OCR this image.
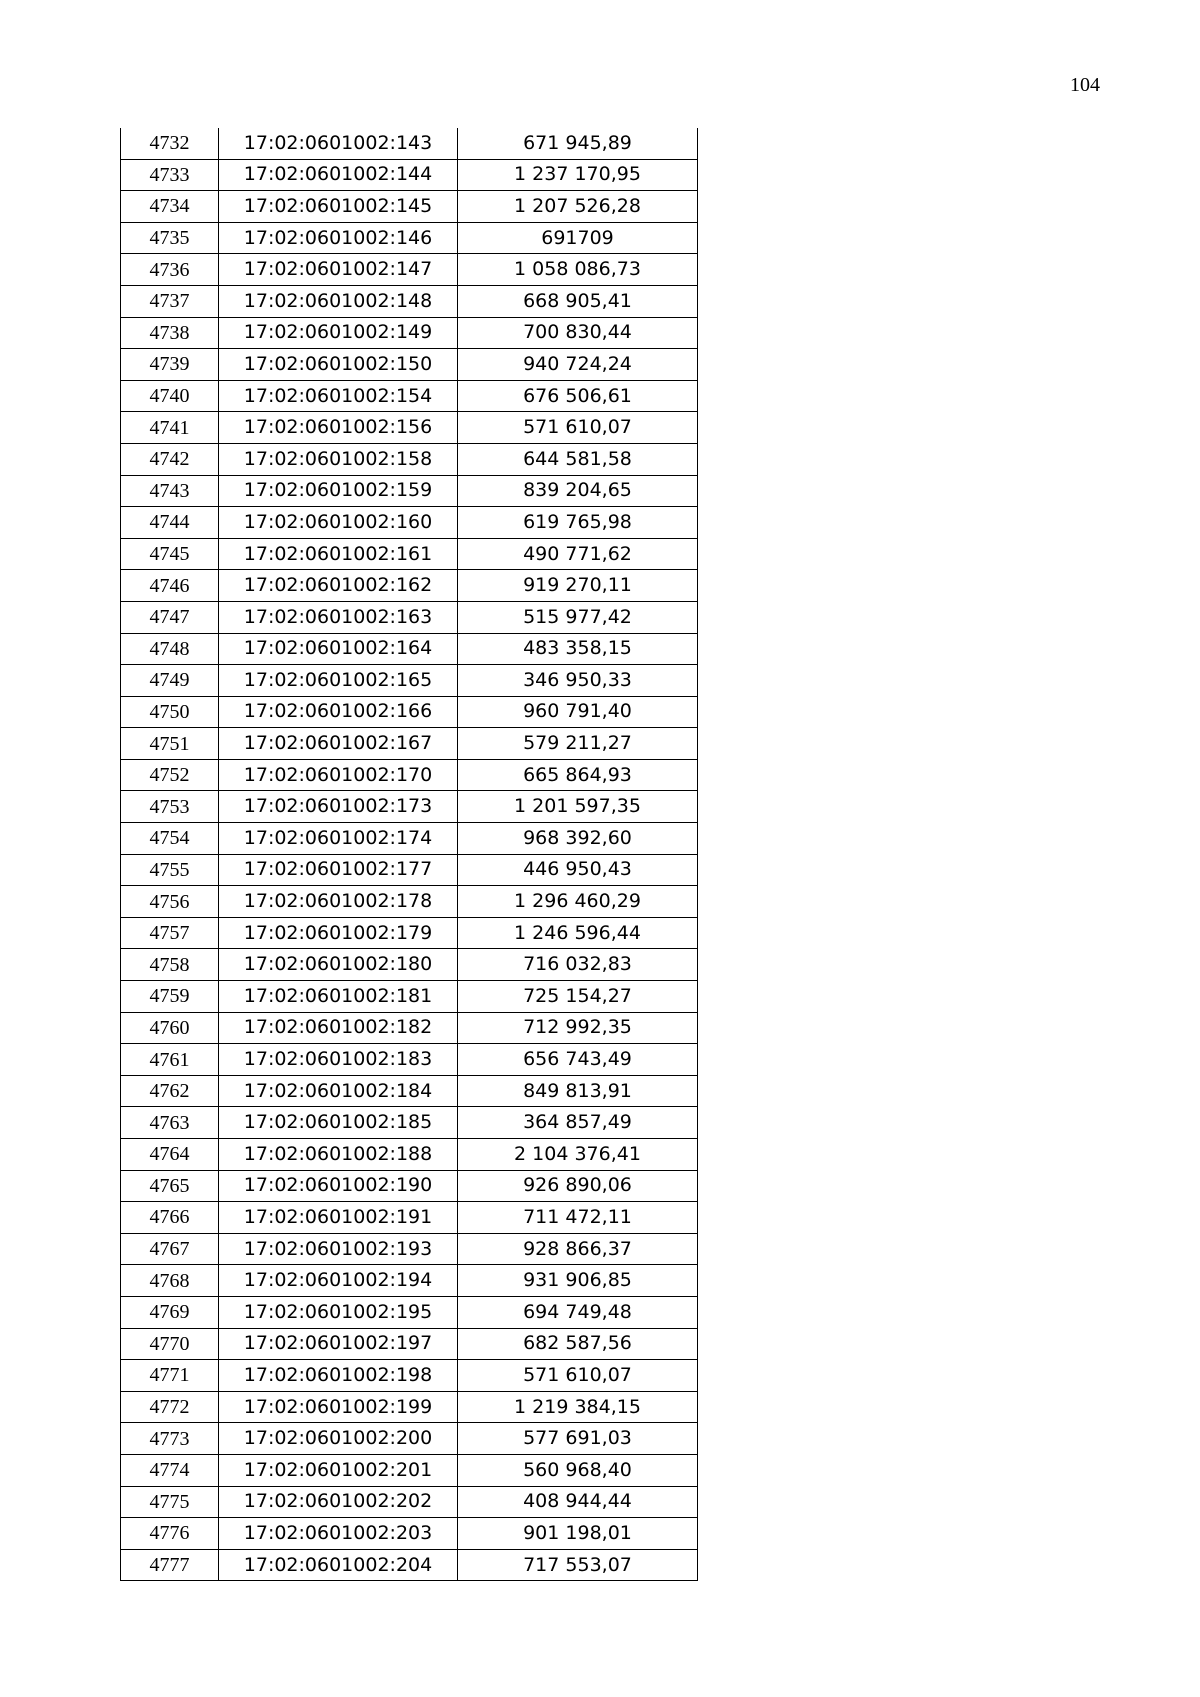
104
4732	17:02:0601002:143	671 945,89
4733	17:02:0601002:144	1 237 170,95
4734	17:02:0601002:145	1 207 526,28
4735	17:02:0601002:146	691709
4736	17:02:0601002:147	1 058 086,73
4737	17:02:0601002:148	668 905,41
4738	17:02:0601002:149	700 830,44
4739	17:02:0601002:150	940 724,24
4740	17:02:0601002:154	676 506,61
4741	17:02:0601002:156	571 610,07
4742	17:02:0601002:158	644 581,58
4743	17:02:0601002:159	839 204,65
4744	17:02:0601002:160	619 765,98
4745	17:02:0601002:161	490 771,62
4746	17:02:0601002:162	919 270,11
4747	17:02:0601002:163	515 977,42
4748	17:02:0601002:164	483 358,15
4749	17:02:0601002:165	346 950,33
4750	17:02:0601002:166	960 791,40
4751	17:02:0601002:167	579 211,27
4752	17:02:0601002:170	665 864,93
4753	17:02:0601002:173	1 201 597,35
4754	17:02:0601002:174	968 392,60
4755	17:02:0601002:177	446 950,43
4756	17:02:0601002:178	1 296 460,29
4757	17:02:0601002:179	1 246 596,44
4758	17:02:0601002:180	716 032,83
4759	17:02:0601002:181	725 154,27
4760	17:02:0601002:182	712 992,35
4761	17:02:0601002:183	656 743,49
4762	17:02:0601002:184	849 813,91
4763	17:02:0601002:185	364 857,49
4764	17:02:0601002:188	2 104 376,41
4765	17:02:0601002:190	926 890,06
4766	17:02:0601002:191	711 472,11
4767	17:02:0601002:193	928 866,37
4768	17:02:0601002:194	931 906,85
4769	17:02:0601002:195	694 749,48
4770	17:02:0601002:197	682 587,56
4771	17:02:0601002:198	571 610,07
4772	17:02:0601002:199	1 219 384,15
4773	17:02:0601002:200	577 691,03
4774	17:02:0601002:201	560 968,40
4775	17:02:0601002:202	408 944,44
4776	17:02:0601002:203	901 198,01
4777	17:02:0601002:204	717 553,07
